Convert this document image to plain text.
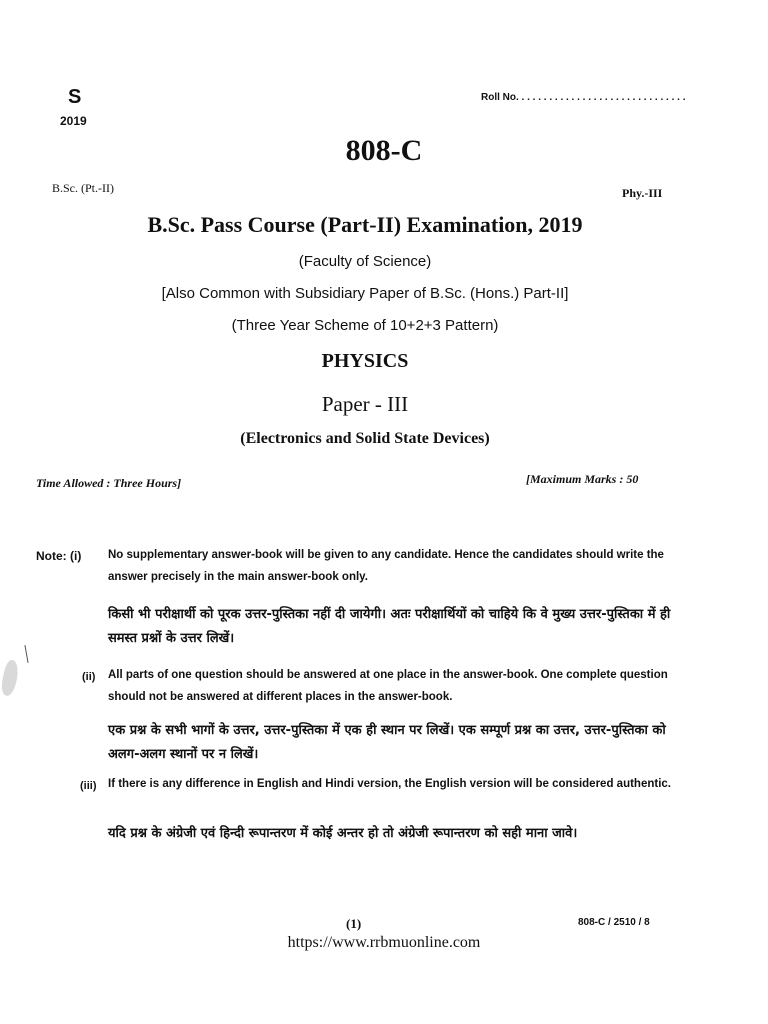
S
2019
Roll No. . . . . . . . . . . . . . . . . . . . . . . . . . . . . . .
808-C
B.Sc. (Pt.-II)	Phy.-III
B.Sc. Pass Course (Part-II) Examination, 2019
(Faculty of Science)
[Also Common with Subsidiary Paper of B.Sc. (Hons.) Part-II]
(Three Year Scheme of 10+2+3 Pattern)
PHYSICS
Paper - III
(Electronics and Solid State Devices)
Time Allowed : Three Hours]	[Maximum Marks : 50
Note: (i) No supplementary answer-book will be given to any candidate. Hence the candidates should write the answer precisely in the main answer-book only.
किसी भी परीक्षार्थी को पूरक उत्तर-पुस्तिका नहीं दी जायेगी। अतः परीक्षार्थियों को चाहिये कि वे मुख्य उत्तर-पुस्तिका में ही समस्त प्रश्नों के उत्तर लिखें।
(ii) All parts of one question should be answered at one place in the answer-book. One complete question should not be answered at different places in the answer-book.
एक प्रश्न के सभी भागों के उत्तर, उत्तर-पुस्तिका में एक ही स्थान पर लिखें। एक सम्पूर्ण प्रश्न का उत्तर, उत्तर-पुस्तिका को अलग-अलग स्थानों पर न लिखें।
(iii) If there is any difference in English and Hindi version, the English version will be considered authentic.
यदि प्रश्न के अंग्रेजी एवं हिन्दी रूपान्तरण में कोई अन्तर हो तो अंग्रेजी रूपान्तरण को सही माना जावे।
(1)	808-C / 2510 / 8
https://www.rrbmuonline.com
